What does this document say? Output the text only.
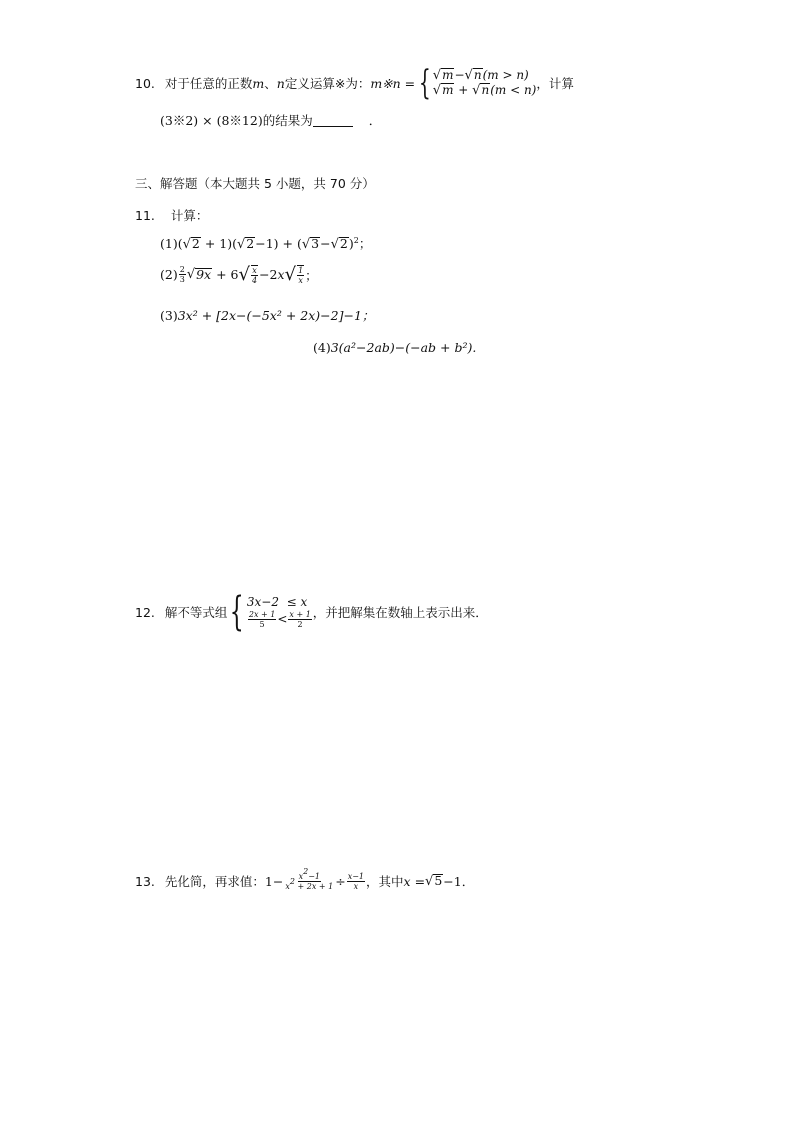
10. 对于任意的正数 m 、 n 定义运算※为： m※n = { √m−√n(m > n)
√m + √n(m < n) ，计算
(3※2) × (8※12)的结果为	．
三、解答题（本大题共 5 小题，共 70 分）
11. 计算：
$(1)(√2 + 1)(√2-1) + (√3-√2)^2$；
$(2) \frac{2}{3}$ √ 9x + 6 √ $\frac{x}{4} -2x$ √ $\frac{1}{x}$ ；
(3)3x² + [2x−(−5x² + 2x)−2]−1；
(4)3(a²−2ab)−(−ab + b²).
12. 解不等式组 { 3x−2  ≤ x
$\frac{2x + 1}{5} < \frac{x + 1}{2}$ ，并把解集在数轴上表示出来．
13. 先化简，再求值： $1- \frac{x^2-1}{x^2 + 2x + 1} \div \frac{x-1}{x}$ ，其中 x = √5 −1．
